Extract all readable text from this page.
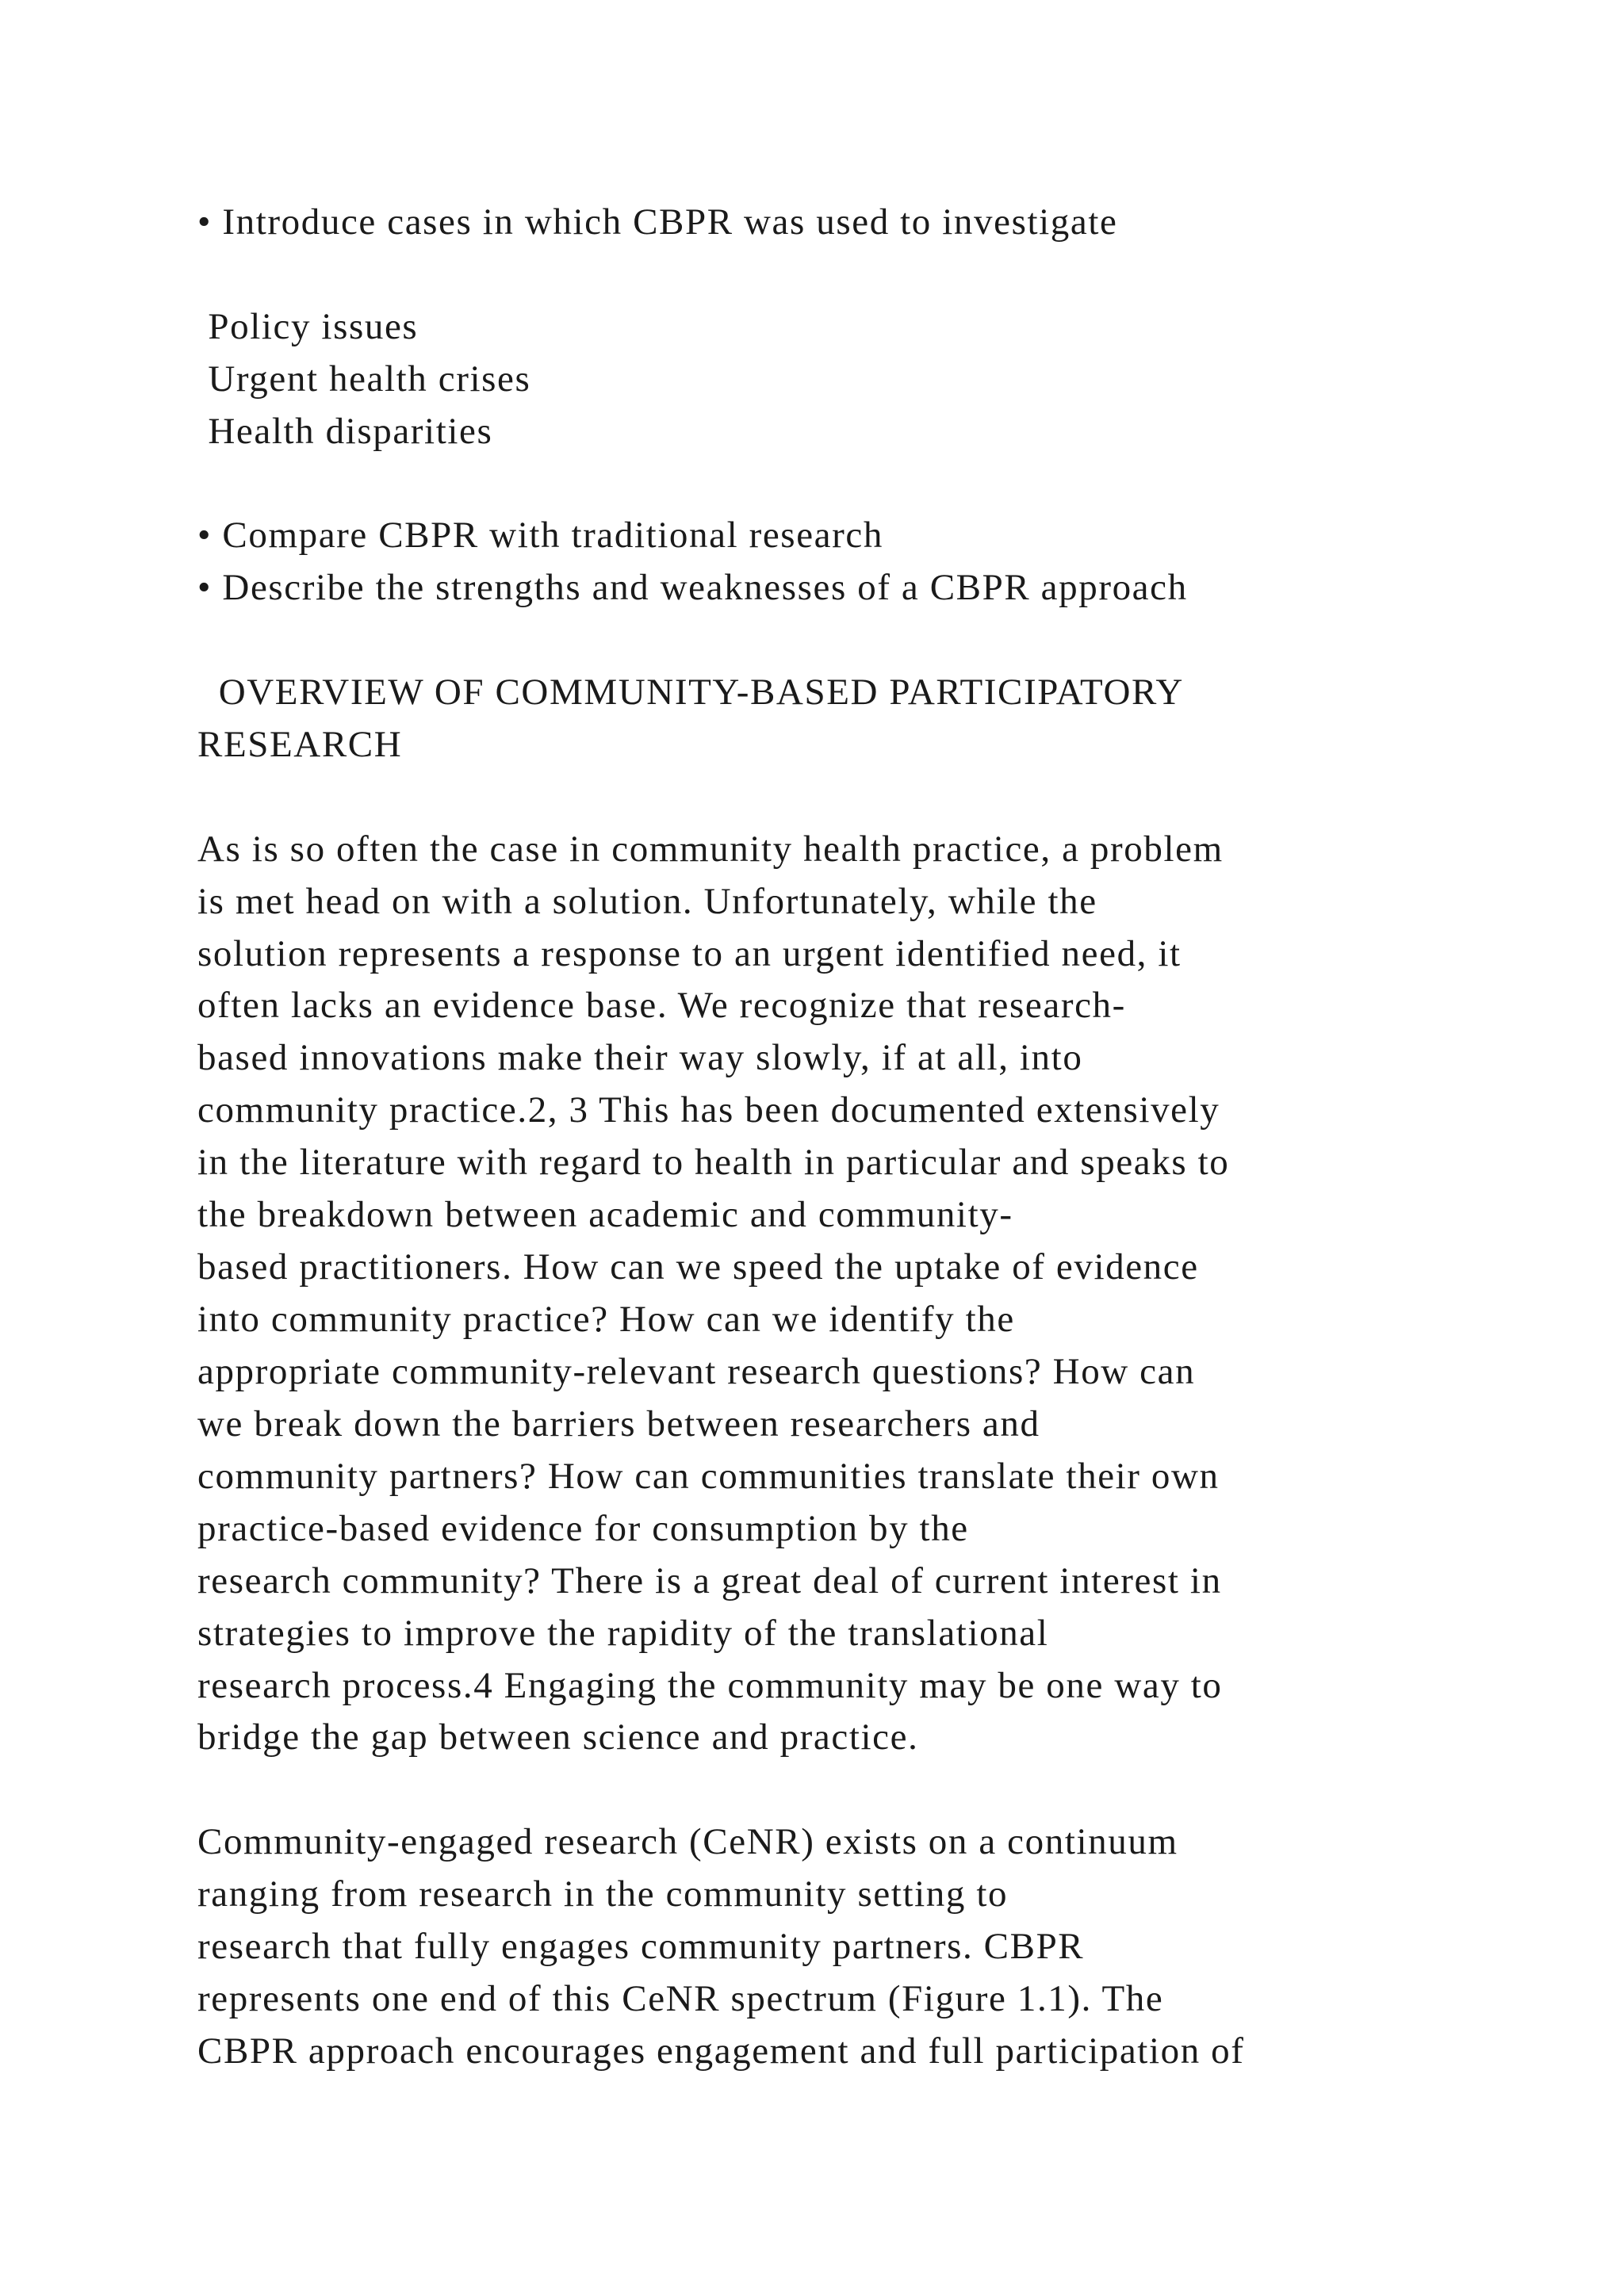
• Introduce cases in which CBPR was used to investigate
Policy issues
Urgent health crises
Health disparities
• Compare CBPR with traditional research
• Describe the strengths and weaknesses of a CBPR approach
OVERVIEW OF COMMUNITY-BASED PARTICIPATORY
RESEARCH
As is so often the case in community health practice, a problem
is met head on with a solution. Unfortunately, while the
solution represents a response to an urgent identified need, it
often lacks an evidence base. We recognize that research-
based innovations make their way slowly, if at all, into
community practice.2, 3 This has been documented extensively
in the literature with regard to health in particular and speaks to
the breakdown between academic and community-
based practitioners. How can we speed the uptake of evidence
into community practice? How can we identify the
appropriate community-relevant research questions? How can
we break down the barriers between researchers and
community partners? How can communities translate their own
practice-based evidence for consumption by the
research community? There is a great deal of current interest in
strategies to improve the rapidity of the translational
research process.4 Engaging the community may be one way to
bridge the gap between science and practice.
Community-engaged research (CeNR) exists on a continuum
ranging from research in the community setting to
research that fully engages community partners. CBPR
represents one end of this CeNR spectrum (Figure 1.1). The
CBPR approach encourages engagement and full participation of
